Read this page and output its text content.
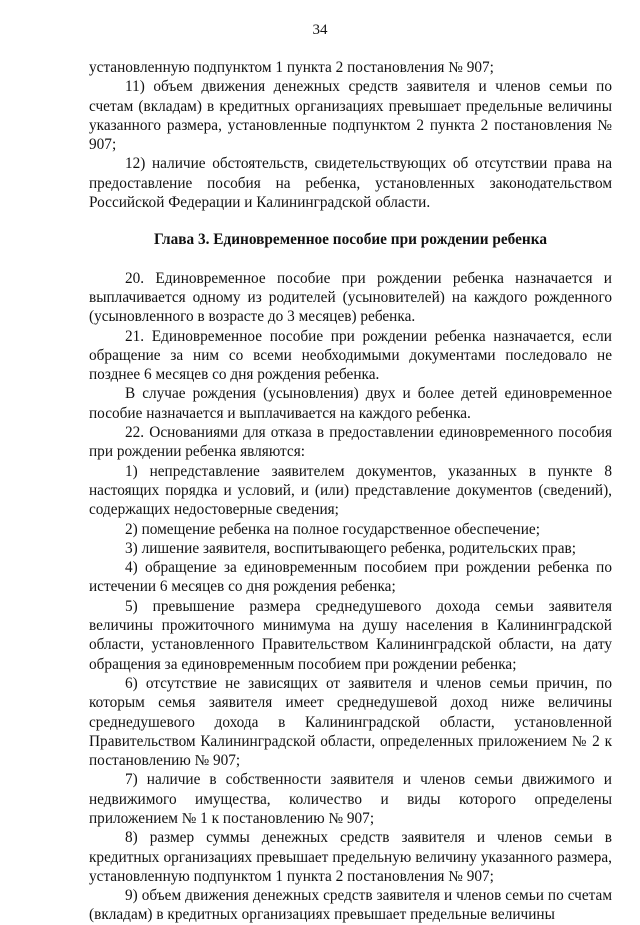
34

установленную подпунктом 1 пункта 2 постановления № 907;

11) объем движения денежных средств заявителя и членов семьи по счетам (вкладам) в кредитных организациях превышает предельные величины указанного размера, установленные подпунктом 2 пункта 2 постановления № 907;

12) наличие обстоятельств, свидетельствующих об отсутствии права на предоставление пособия на ребенка, установленных законодательством Российской Федерации и Калининградской области.

Глава 3. Единовременное пособие при рождении ребенка

20. Единовременное пособие при рождении ребенка назначается и выплачивается одному из родителей (усыновителей) на каждого рожденного (усыновленного в возрасте до 3 месяцев) ребенка.

21. Единовременное пособие при рождении ребенка назначается, если обращение за ним со всеми необходимыми документами последовало не позднее 6 месяцев со дня рождения ребенка.

В случае рождения (усыновления) двух и более детей единовременное пособие назначается и выплачивается на каждого ребенка.

22. Основаниями для отказа в предоставлении единовременного пособия при рождении ребенка являются:

1) непредставление заявителем документов, указанных в пункте 8 настоящих порядка и условий, и (или) представление документов (сведений), содержащих недостоверные сведения;

2) помещение ребенка на полное государственное обеспечение;

3) лишение заявителя, воспитывающего ребенка, родительских прав;

4) обращение за единовременным пособием при рождении ребенка по истечении 6 месяцев со дня рождения ребенка;

5) превышение размера среднедушевого дохода семьи заявителя величины прожиточного минимума на душу населения в Калининградской области, установленного Правительством Калининградской области, на дату обращения за единовременным пособием при рождении ребенка;

6) отсутствие не зависящих от заявителя и членов семьи причин, по которым семья заявителя имеет среднедушевой доход ниже величины среднедушевого дохода в Калининградской области, установленной Правительством Калининградской области, определенных приложением № 2 к постановлению № 907;

7) наличие в собственности заявителя и членов семьи движимого и недвижимого имущества, количество и виды которого определены приложением № 1 к постановлению № 907;

8) размер суммы денежных средств заявителя и членов семьи в кредитных организациях превышает предельную величину указанного размера, установленную подпунктом 1 пункта 2 постановления № 907;

9) объем движения денежных средств заявителя и членов семьи по счетам (вкладам) в кредитных организациях превышает предельные величины
